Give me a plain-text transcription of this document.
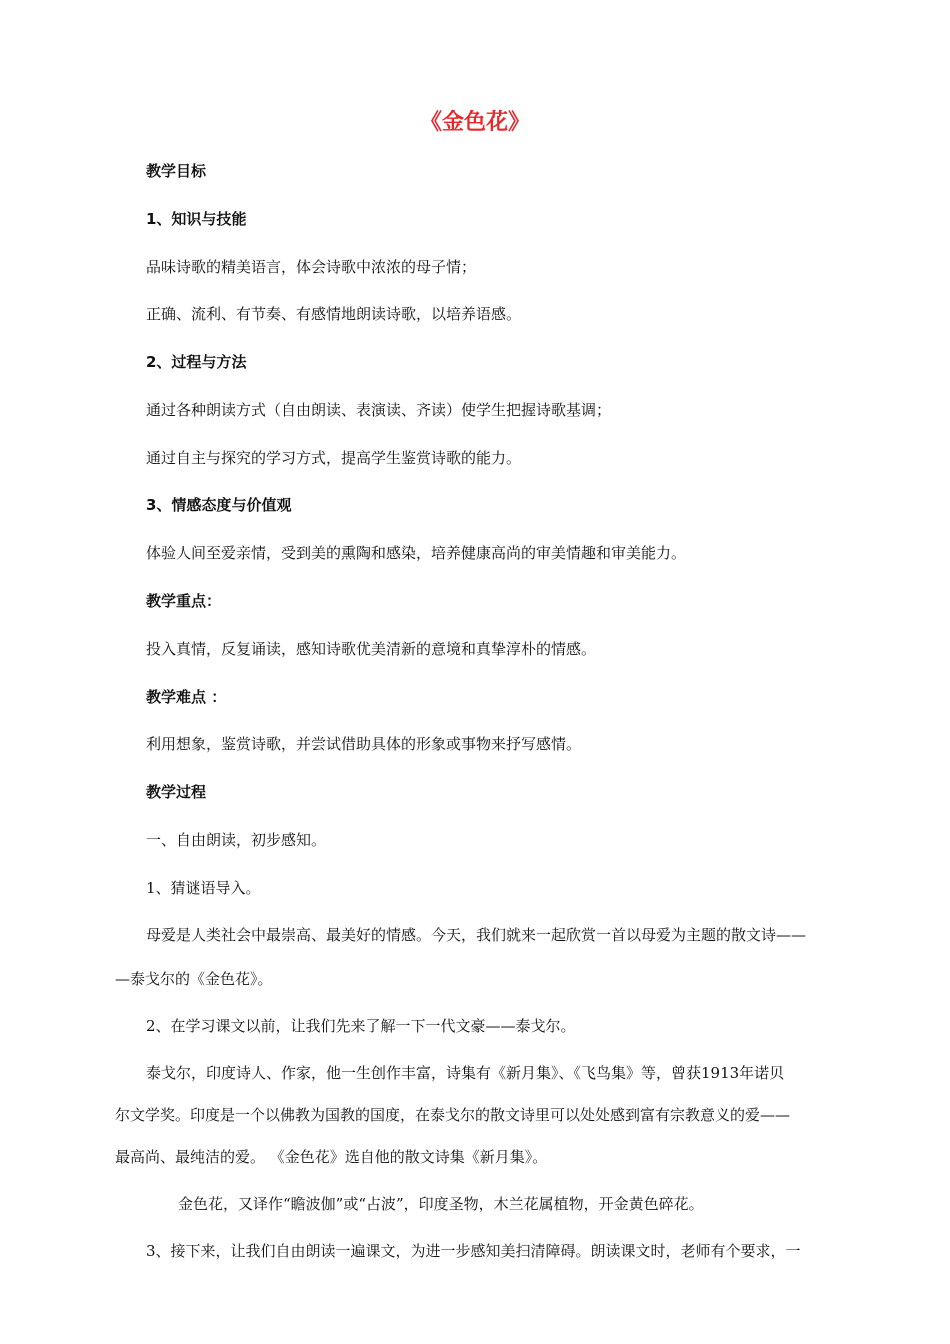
《金色花》
教学目标
1、知识与技能
品味诗歌的精美语言，体会诗歌中浓浓的母子情；
正确、流利、有节奏、有感情地朗读诗歌，以培养语感。
2、过程与方法
通过各种朗读方式（自由朗读、表演读、齐读）使学生把握诗歌基调；
通过自主与探究的学习方式，提高学生鉴赏诗歌的能力。
3、情感态度与价值观
体验人间至爱亲情，受到美的熏陶和感染，培养健康高尚的审美情趣和审美能力。
教学重点：
投入真情，反复诵读，感知诗歌优美清新的意境和真挚淳朴的情感。
教学难点 ：
利用想象，鉴赏诗歌，并尝试借助具体的形象或事物来抒写感情。
教学过程
一、自由朗读，初步感知。
1、猜谜语导入。
母爱是人类社会中最崇高、最美好的情感。今天，我们就来一起欣赏一首以母爱为主题的散文诗——
—泰戈尔的《金色花》。
2、在学习课文以前，让我们先来了解一下一代文豪——泰戈尔。
泰戈尔，印度诗人、作家，他一生创作丰富，诗集有《新月集》、《飞鸟集》等，曾获1913年诺贝
尔文学奖。印度是一个以佛教为国教的国度，在泰戈尔的散文诗里可以处处感到富有宗教意义的爱——
最高尚、最纯洁的爱。 《金色花》选自他的散文诗集《新月集》。
金色花，又译作“瞻波伽”或“占波”，印度圣物，木兰花属植物，开金黄色碎花。
3、接下来，让我们自由朗读一遍课文，为进一步感知美扫清障碍。朗读课文时，老师有个要求，一
